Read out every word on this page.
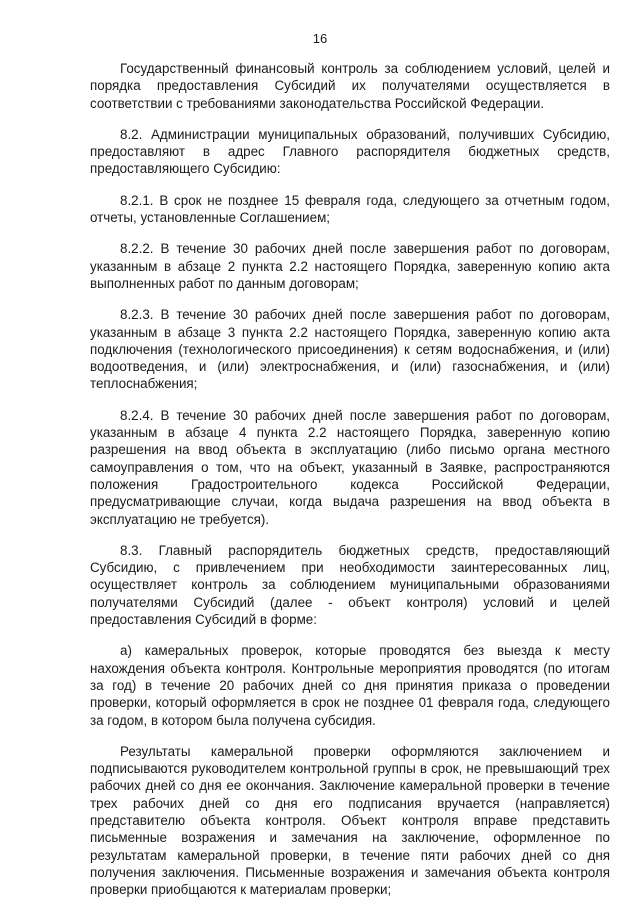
16

Государственный финансовый контроль за соблюдением условий, целей и порядка предоставления Субсидий их получателями осуществляется в соответствии с требованиями законодательства Российской Федерации.

8.2. Администрации муниципальных образований, получивших Субсидию, предоставляют в адрес Главного распорядителя бюджетных средств, предоставляющего Субсидию:

8.2.1. В срок не позднее 15 февраля года, следующего за отчетным годом, отчеты, установленные Соглашением;

8.2.2. В течение 30 рабочих дней после завершения работ по договорам, указанным в абзаце 2 пункта 2.2 настоящего Порядка, заверенную копию акта выполненных работ по данным договорам;

8.2.3. В течение 30 рабочих дней после завершения работ по договорам, указанным в абзаце 3 пункта 2.2 настоящего Порядка, заверенную копию акта подключения (технологического присоединения) к сетям водоснабжения, и (или) водоотведения, и (или) электроснабжения, и (или) газоснабжения, и (или) теплоснабжения;

8.2.4. В течение 30 рабочих дней после завершения работ по договорам, указанным в абзаце 4 пункта 2.2 настоящего Порядка, заверенную копию разрешения на ввод объекта в эксплуатацию (либо письмо органа местного самоуправления о том, что на объект, указанный в Заявке, распространяются положения Градостроительного кодекса Российской Федерации, предусматривающие случаи, когда выдача разрешения на ввод объекта в эксплуатацию не требуется).

8.3. Главный распорядитель бюджетных средств, предоставляющий Субсидию, с привлечением при необходимости заинтересованных лиц, осуществляет контроль за соблюдением муниципальными образованиями получателями Субсидий (далее - объект контроля) условий и целей предоставления Субсидий в форме:

а) камеральных проверок, которые проводятся без выезда к месту нахождения объекта контроля. Контрольные мероприятия проводятся (по итогам за год) в течение 20 рабочих дней со дня принятия приказа о проведении проверки, который оформляется в срок не позднее 01 февраля года, следующего за годом, в котором была получена субсидия.

Результаты камеральной проверки оформляются заключением и подписываются руководителем контрольной группы в срок, не превышающий трех рабочих дней со дня ее окончания. Заключение камеральной проверки в течение трех рабочих дней со дня его подписания вручается (направляется) представителю объекта контроля. Объект контроля вправе представить письменные возражения и замечания на заключение, оформленное по результатам камеральной проверки, в течение пяти рабочих дней со дня получения заключения. Письменные возражения и замечания объекта контроля проверки приобщаются к материалам проверки;
